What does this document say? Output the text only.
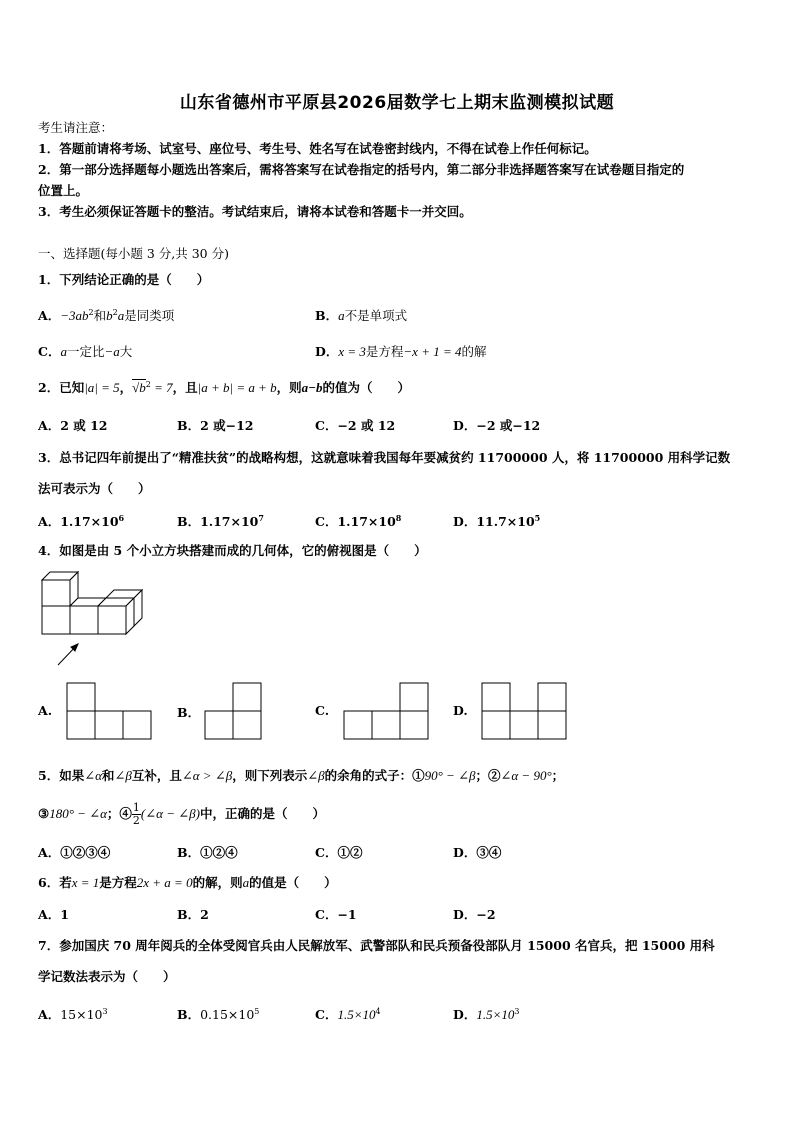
山东省德州市平原县2026届数学七上期末监测模拟试题
考生请注意：
1．答题前请将考场、试室号、座位号、考生号、姓名写在试卷密封线内，不得在试卷上作任何标记。
2．第一部分选择题每小题选出答案后，需将答案写在试卷指定的括号内，第二部分非选择题答案写在试卷题目指定的
位置上。
3．考生必须保证答题卡的整洁。考试结束后，请将本试卷和答题卡一并交回。
一、选择题(每小题 3 分,共 30 分)
1．下列结论正确的是（　　）
A．$-3ab^2$和$b^2a$是同类项	B．a不是单项式
C．a一定比−a大	D．x = 3是方程−x + 1 = 4的解
2．已知|a| = 5，$√b^2 = 7$，且|a + b| = a + b，则a−b的值为（　　）
A．2 或 12	B．2 或−12	C．−2 或 12	D．−2 或−12
3．总书记四年前提出了“精准扶贫”的战略构想，这就意味着我国每年要减贫约 11700000 人，将 11700000 用科学记数
法可表示为（　　）
A．$1.17\times 10^6$	B．$1.17\times 10^7$	C．$1.17\times 10^8$	D．$11.7\times 10^5$
4．如图是由 5 个小立方块搭建而成的几何体，它的俯视图是（　　）
A.	B．	C.	D.
5．如果∠α和∠β互补，且∠α > ∠β，则下列表示∠β的余角的式子：①90° − ∠β；②∠α − 90°；
③180° − ∠α；④ $\frac{1}{2}$ (∠α − ∠β)中，正确的是（　　）
A．①②③④	B．①②④	C．①②	D．③④
6．若x = 1是方程2x + a = 0的解，则a的值是（　　）
A．1	B．2	C．−1	D．−2
7．参加国庆 70 周年阅兵的全体受阅官兵由人民解放军、武警部队和民兵预备役部队月 15000 名官兵，把 15000 用科
学记数法表示为（　　）
A．$15\times 10^3$	B．$0.15\times 10^5$	C．$1.5\times 10^4$	D．$1.5\times 10^3$
